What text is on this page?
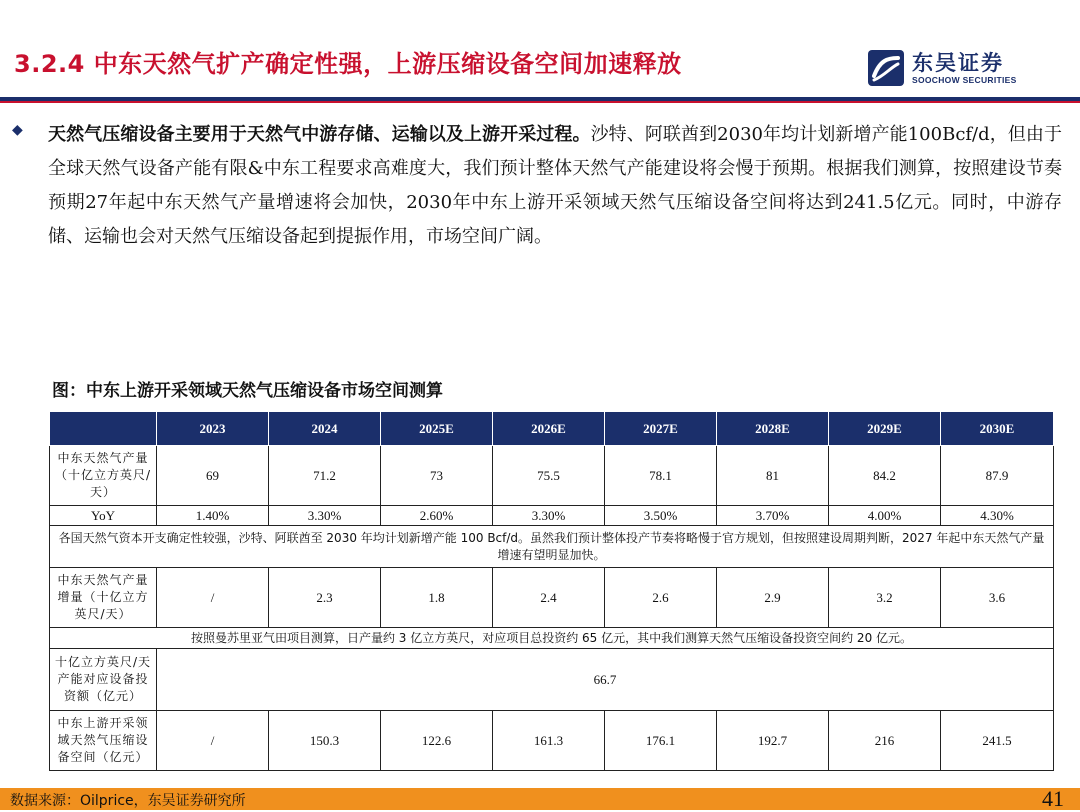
3.2.4 中东天然气扩产确定性强，上游压缩设备空间加速释放	东吴证券
SOOCHOW SECURITIES
◆ 天然气压缩设备主要用于天然气中游存储、运输以及上游开采过程。沙特、阿联酋到2030年均计划新增产能100Bcf/d，但由于全球天然气设备产能有限&中东工程要求高难度大，我们预计整体天然气产能建设将会慢于预期。根据我们测算，按照建设节奏预期27年起中东天然气产量增速将会加快，2030年中东上游开采领域天然气压缩设备空间将达到241.5亿元。同时，中游存储、运输也会对天然气压缩设备起到提振作用，市场空间广阔。
图：中东上游开采领域天然气压缩设备市场空间测算
	2023	2024	2025E	2026E	2027E	2028E	2029E	2030E
中东天然气产量（十亿立方英尺/天）	69	71.2	73	75.5	78.1	81	84.2	87.9
YoY	1.40%	3.30%	2.60%	3.30%	3.50%	3.70%	4.00%	4.30%
各国天然气资本开支确定性较强，沙特、阿联酋至 2030 年均计划新增产能 100 Bcf/d。虽然我们预计整体投产节奏将略慢于官方规划，但按照建设周期判断，2027 年起中东天然气产量增速有望明显加快。								
中东天然气产量增量（十亿立方英尺/天）	/	2.3	1.8	2.4	2.6	2.9	3.2	3.6
按照曼苏里亚气田项目测算，日产量约 3 亿立方英尺，对应项目总投资约 65 亿元，其中我们测算天然气压缩设备投资空间约 20 亿元。								
十亿立方英尺/天产能对应设备投资额（亿元）	66.7							
中东上游开采领域天然气压缩设备空间（亿元）	/	150.3	122.6	161.3	176.1	192.7	216	241.5
数据来源：Oilprice，东吴证券研究所	41
